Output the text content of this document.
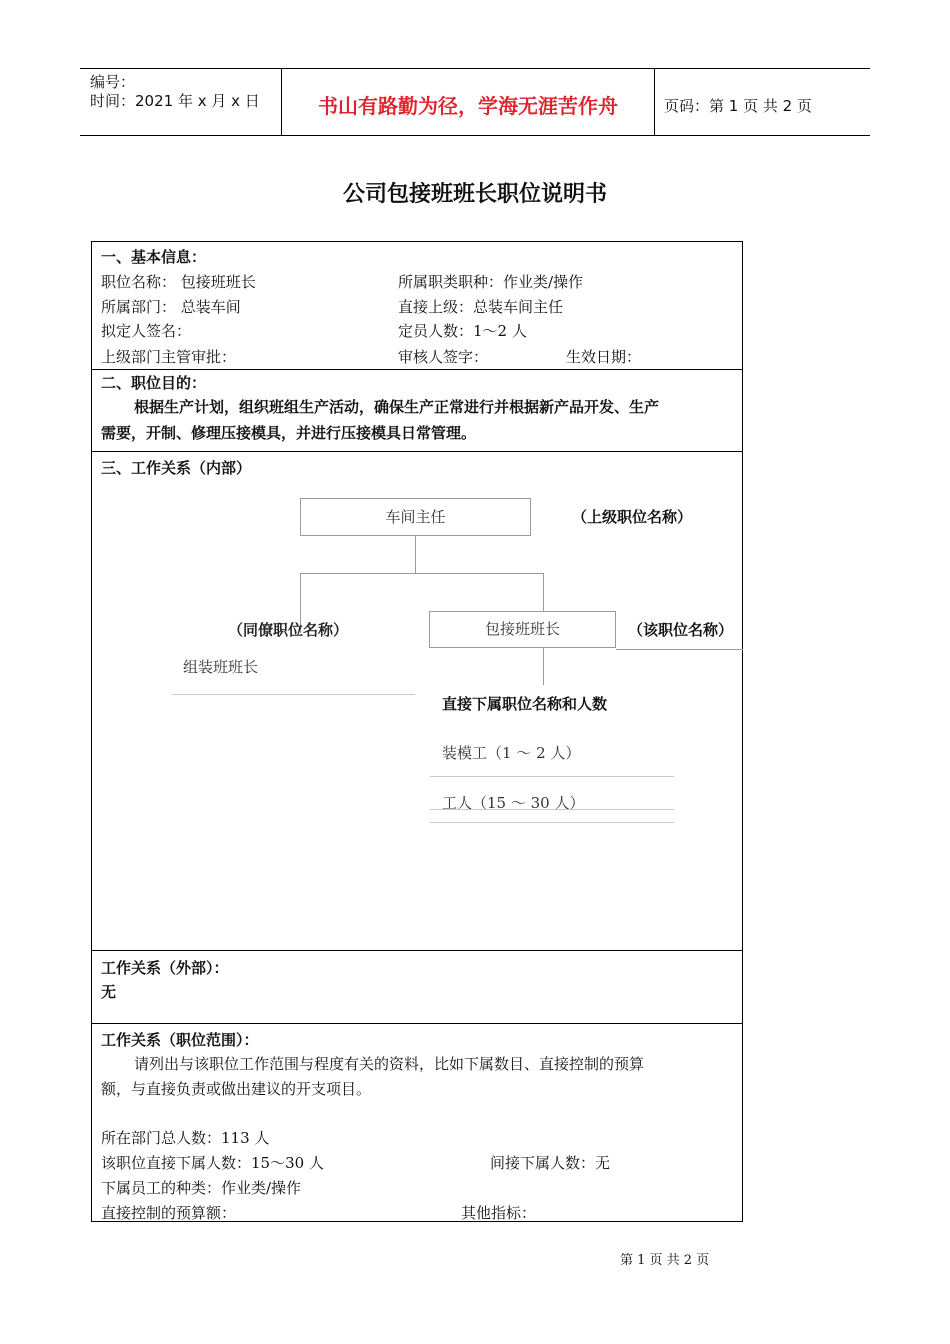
编号：
时间：2021 年 x 月 x 日	书山有路勤为径，学海无涯苦作舟	页码：第 1 页 共 2 页
公司包接班班长职位说明书
一、基本信息：
职位名称： 包接班班长	所属职类职种：作业类/操作
所属部门： 总装车间	直接上级：总装车间主任
拟定人签名：	定员人数：1～2 人
上级部门主管审批：	审核人签字：	生效日期：
二、职位目的：
根据生产计划，组织班组生产活动，确保生产正常进行并根据新产品开发、生产
需要，开制、修理压接模具，并进行压接模具日常管理。
三、工作关系（内部）
车间主任	（上级职位名称）
包接班班长	（该职位名称）
（同僚职位名称）
组装班班长
直接下属职位名称和人数
装模工（1 ～ 2 人）
工人（15 ～ 30 人）
工作关系（外部）：
无
工作关系（职位范围）：
请列出与该职位工作范围与程度有关的资料，比如下属数目、直接控制的预算
额，与直接负责或做出建议的开支项目。
所在部门总人数：113 人
该职位直接下属人数：15～30 人	间接下属人数：无
下属员工的种类：作业类/操作
直接控制的预算额：	其他指标：
第 1 页 共 2 页
